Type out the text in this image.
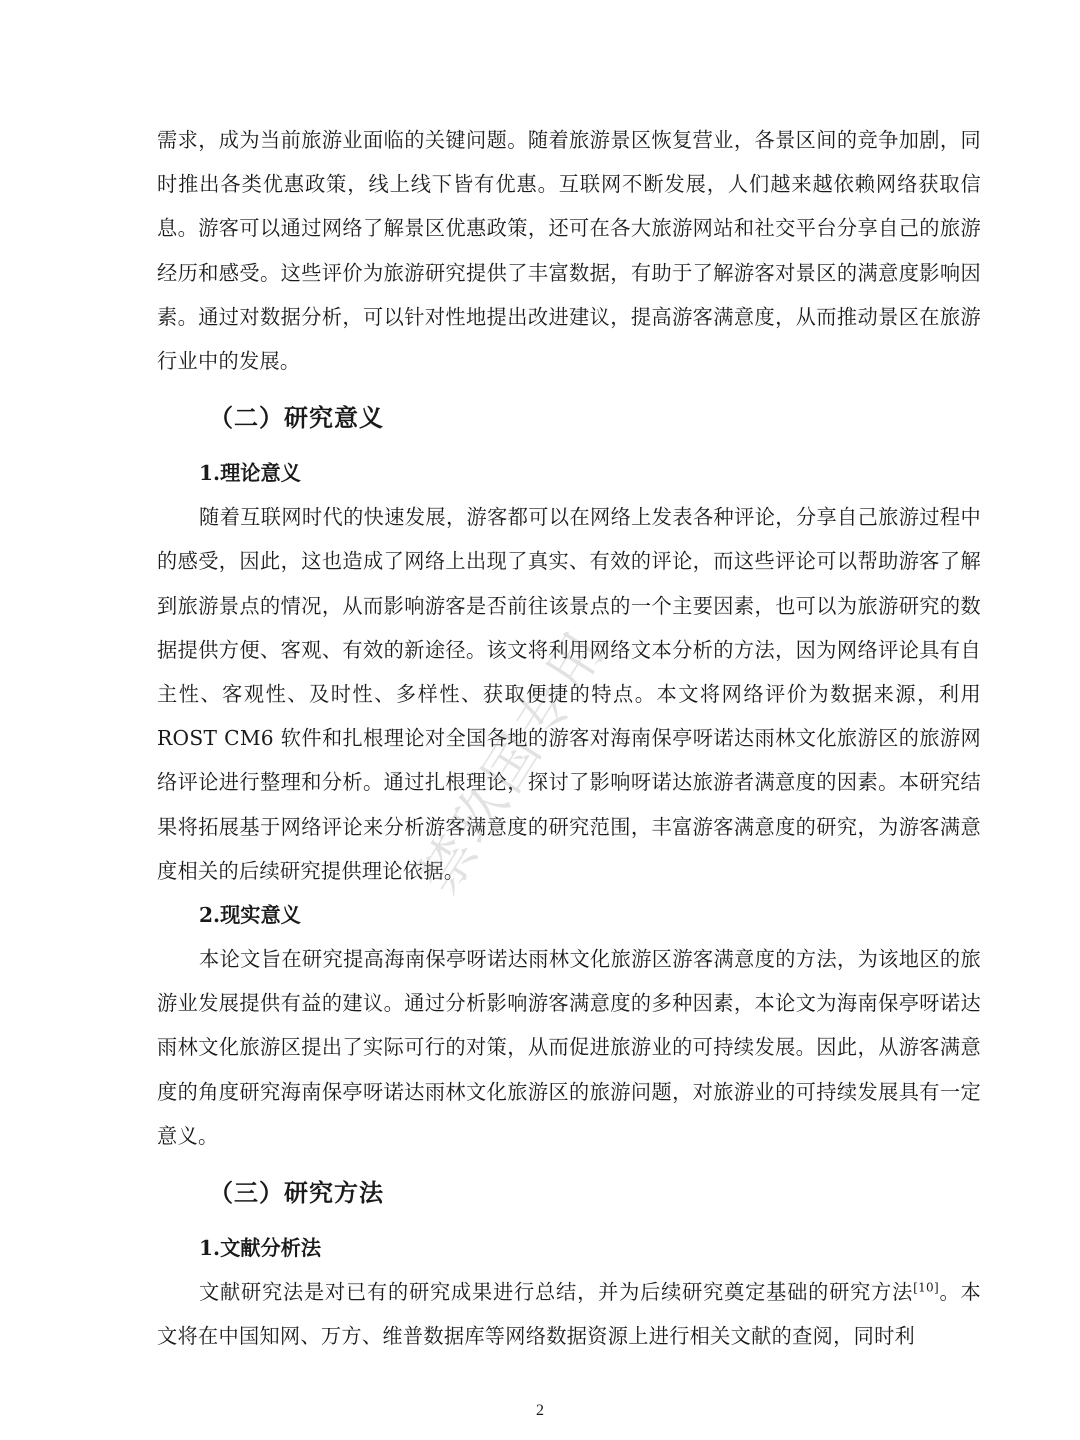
需求，成为当前旅游业面临的关键问题。随着旅游景区恢复营业，各景区间的竞争加剧，同时推出各类优惠政策，线上线下皆有优惠。互联网不断发展，人们越来越依赖网络获取信息。游客可以通过网络了解景区优惠政策，还可在各大旅游网站和社交平台分享自己的旅游经历和感受。这些评价为旅游研究提供了丰富数据，有助于了解游客对景区的满意度影响因素。通过对数据分析，可以针对性地提出改进建议，提高游客满意度，从而推动景区在旅游行业中的发展。

（二）研究意义
1.理论意义

随着互联网时代的快速发展，游客都可以在网络上发表各种评论，分享自己旅游过程中的感受，因此，这也造成了网络上出现了真实、有效的评论，而这些评论可以帮助游客了解到旅游景点的情况，从而影响游客是否前往该景点的一个主要因素，也可以为旅游研究的数据提供方便、客观、有效的新途径。该文将利用网络文本分析的方法，因为网络评论具有自主性、客观性、及时性、多样性、获取便捷的特点。本文将网络评价为数据来源，利用 ROST CM6 软件和扎根理论对全国各地的游客对海南保亭呀诺达雨林文化旅游区的旅游网络评论进行整理和分析。通过扎根理论，探讨了影响呀诺达旅游者满意度的因素。本研究结果将拓展基于网络评论来分析游客满意度的研究范围，丰富游客满意度的研究，为游客满意度相关的后续研究提供理论依据。

2.现实意义

本论文旨在研究提高海南保亭呀诺达雨林文化旅游区游客满意度的方法，为该地区的旅游业发展提供有益的建议。通过分析影响游客满意度的多种因素，本论文为海南保亭呀诺达雨林文化旅游区提出了实际可行的对策，从而促进旅游业的可持续发展。因此，从游客满意度的角度研究海南保亭呀诺达雨林文化旅游区的旅游问题，对旅游业的可持续发展具有一定意义。

（三）研究方法
1.文献分析法

文献研究法是对已有的研究成果进行总结，并为后续研究奠定基础的研究方法[10]。本文将在中国知网、万方、维普数据库等网络数据资源上进行相关文献的查阅，同时利

禁玖国专用
2
